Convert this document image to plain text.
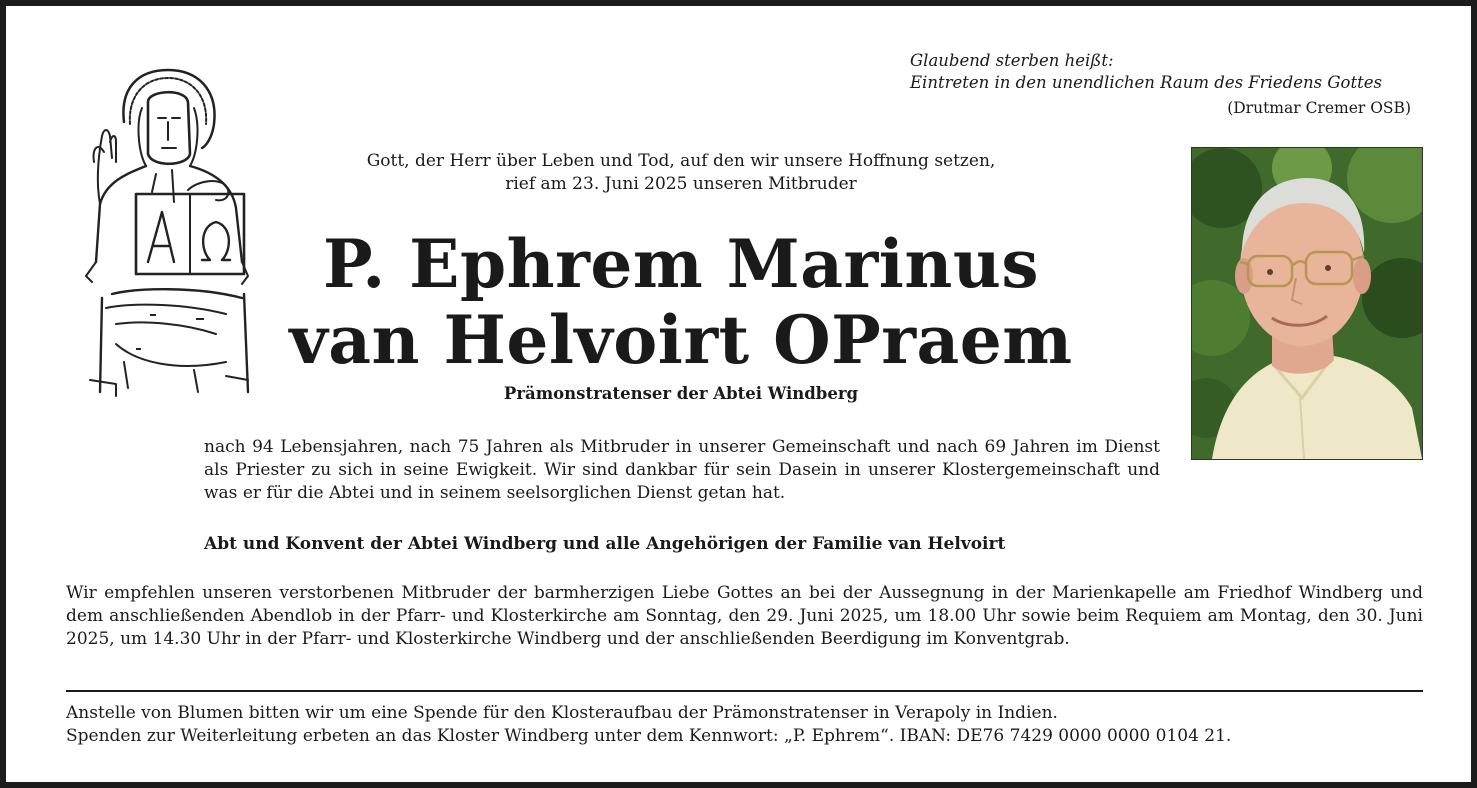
Glaubend sterben heißt:
Eintreten in den unendlichen Raum des Friedens Gottes
(Drutmar Cremer OSB)
Gott, der Herr über Leben und Tod, auf den wir unsere Hoffnung setzen,
rief am 23. Juni 2025 unseren Mitbruder
P. Ephrem Marinus
van Helvoirt OPraem
Prämonstratenser der Abtei Windberg
nach 94 Lebensjahren, nach 75 Jahren als Mitbruder in unserer Gemeinschaft und nach 69 Jahren im Dienst als Priester zu sich in seine Ewigkeit. Wir sind dankbar für sein Dasein in unserer Klostergemeinschaft und was er für die Abtei und in seinem seelsorglichen Dienst getan hat.
Abt und Konvent der Abtei Windberg und alle Angehörigen der Familie van Helvoirt
Wir empfehlen unseren verstorbenen Mitbruder der barmherzigen Liebe Gottes an bei der Aussegnung in der Marienkapelle am Friedhof Windberg und dem anschließenden Abendlob in der Pfarr- und Klosterkirche am Sonntag, den 29. Juni 2025, um 18.00 Uhr sowie beim Requiem am Montag, den 30. Juni 2025, um 14.30 Uhr in der Pfarr- und Klosterkirche Windberg und der anschließenden Beerdigung im Konventgrab.
Anstelle von Blumen bitten wir um eine Spende für den Klosteraufbau der Prämonstratenser in Verapoly in Indien.
Spenden zur Weiterleitung erbeten an das Kloster Windberg unter dem Kennwort: „P. Ephrem“. IBAN: DE76 7429 0000 0000 0104 21.
